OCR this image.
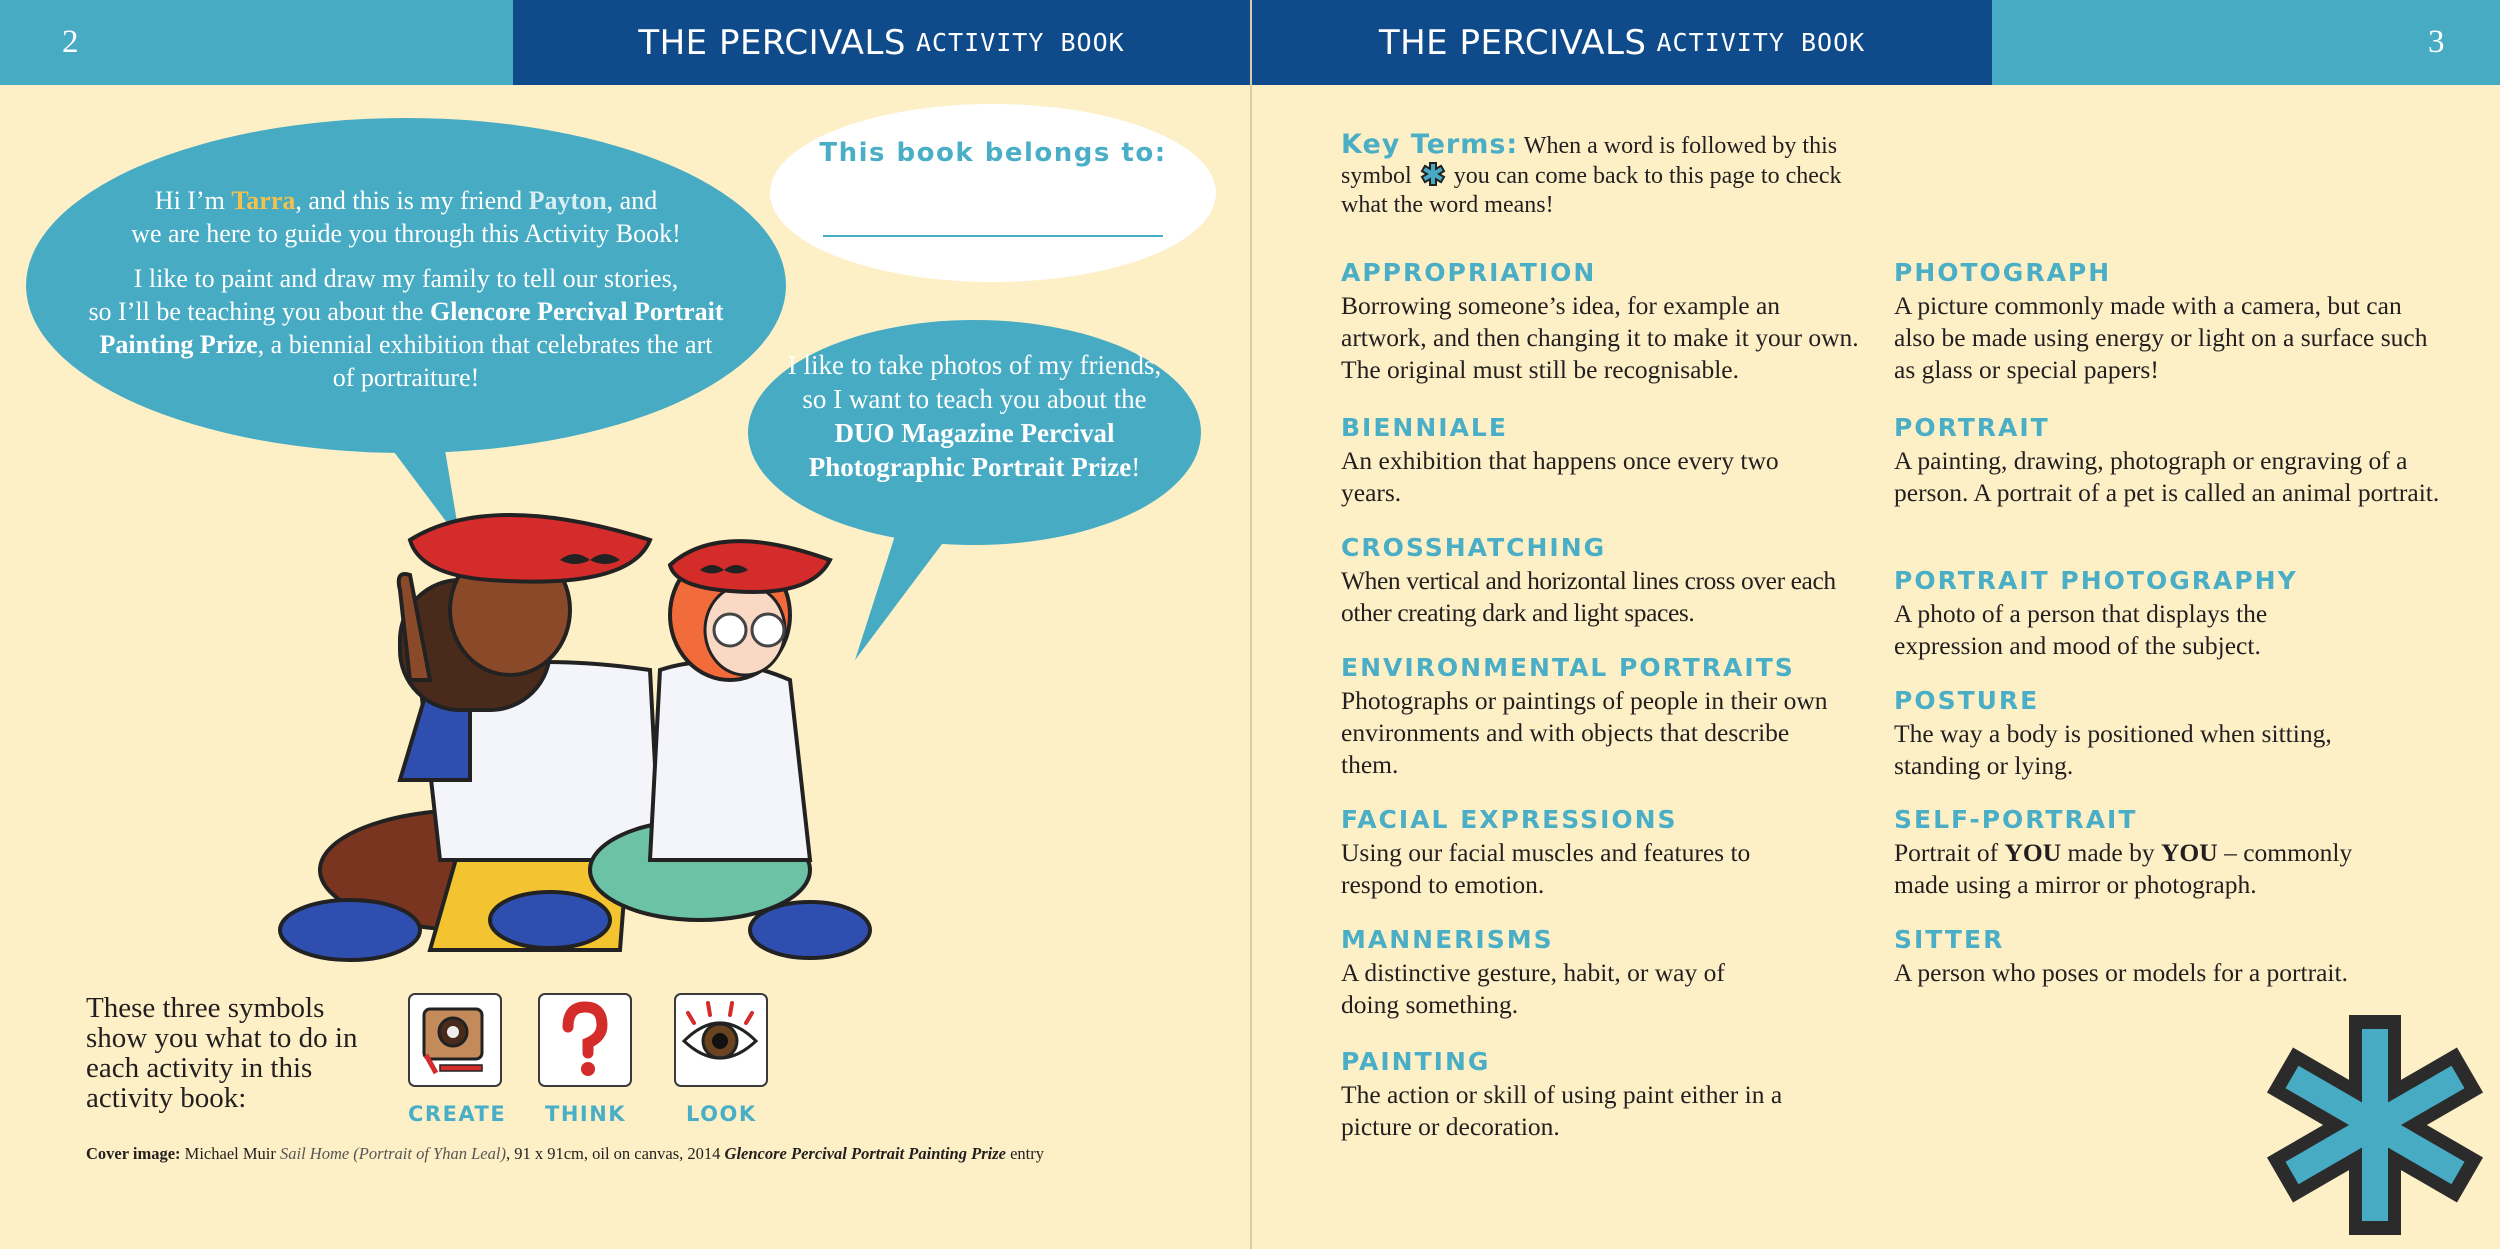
2	THE PERCIVALS ACTIVITY BOOK

Hi I’m Tarra, and this is my friend Payton, and
we are here to guide you through this Activity Book!

I like to paint and draw my family to tell our stories,
so I’ll be teaching you about the Glencore Percival Portrait Painting Prize, a biennial exhibition that celebrates the art of portraiture!

This book belongs to:
I like to take photos of my friends, so I want to teach you about the DUO Magazine Percival Photographic Portrait Prize!
These three symbols show you what to do in each activity in this activity book:	CREATE THINK	LOOK
Cover image: Michael Muir Sail Home (Portrait of Yhan Leal), 91 x 91cm, oil on canvas, 2014 Glencore Percival Portrait Painting Prize entry
THE PERCIVALS ACTIVITY BOOK	3
Key Terms: When a word is followed by this symbol  you can come back to this page to check what the word means!
APPROPRIATION
Borrowing someone’s idea, for example an artwork, and then changing it to make it your own. The original must still be recognisable.
BIENNIALE
An exhibition that happens once every two years.
CROSSHATCHING
When vertical and horizontal lines cross over each other creating dark and light spaces.
ENVIRONMENTAL PORTRAITS
Photographs or paintings of people in their own environments and with objects that describe them.
FACIAL EXPRESSIONS
Using our facial muscles and features to respond to emotion.
MANNERISMS
A distinctive gesture, habit, or way of doing something.
PAINTING
The action or skill of using paint either in a picture or decoration.
PHOTOGRAPH
A picture commonly made with a camera, but can also be made using energy or light on a surface such as glass or special papers!
PORTRAIT
A painting, drawing, photograph or engraving of a person. A portrait of a pet is called an animal portrait.
PORTRAIT PHOTOGRAPHY
A photo of a person that displays the expression and mood of the subject.
POSTURE
The way a body is positioned when sitting, standing or lying.
SELF-PORTRAIT
Portrait of YOU made by YOU – commonly made using a mirror or photograph.
SITTER
A person who poses or models for a portrait.
